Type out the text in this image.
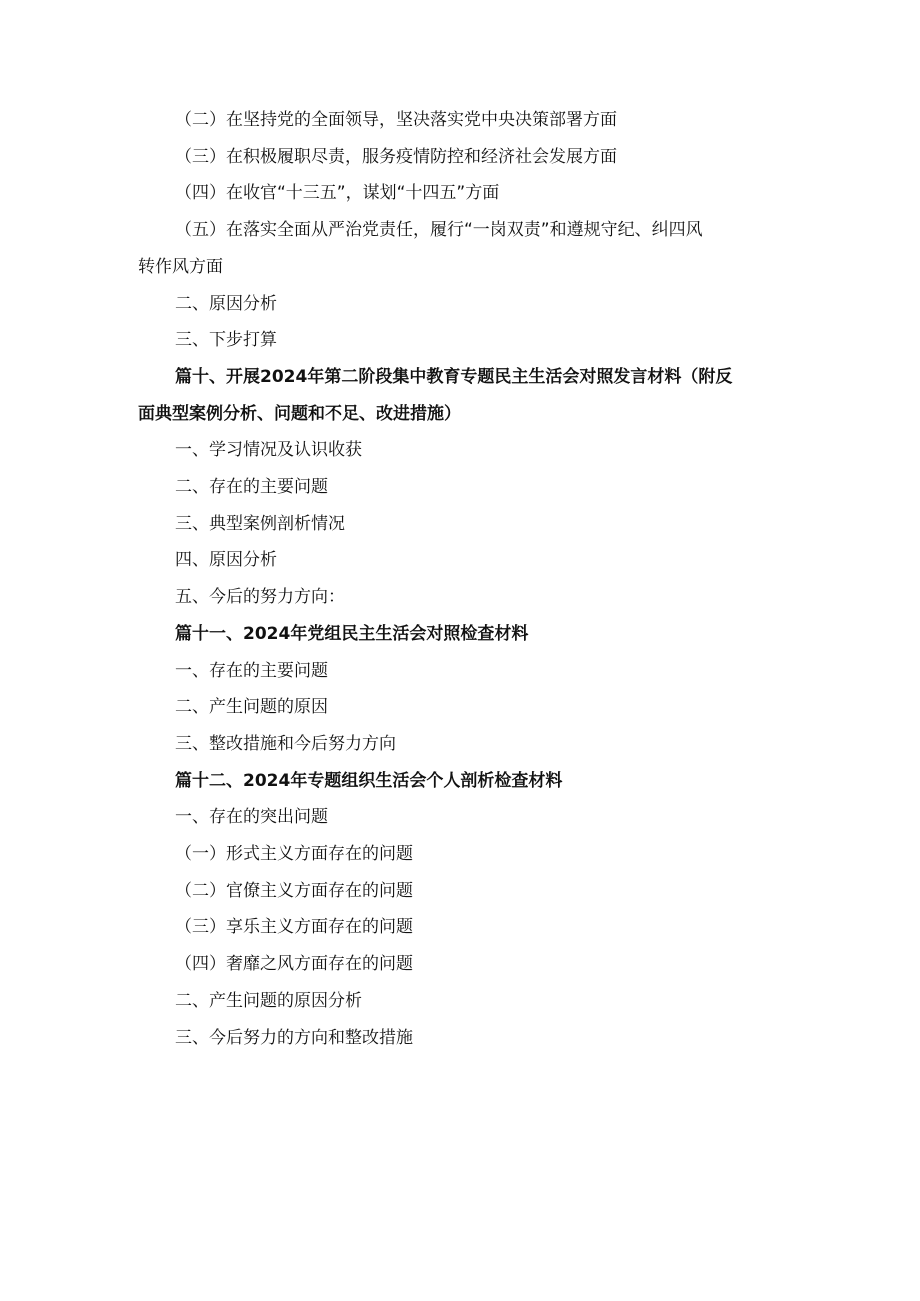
（二）在坚持党的全面领导，坚决落实党中央决策部署方面

（三）在积极履职尽责，服务疫情防控和经济社会发展方面

（四）在收官“十三五”，谋划“十四五”方面

（五）在落实全面从严治党责任，履行“一岗双责”和遵规守纪、纠四风

转作风方面

二、原因分析

三、下步打算

篇十、开展2024年第二阶段集中教育专题民主生活会对照发言材料（附反

面典型案例分析、问题和不足、改进措施）

一、学习情况及认识收获

二、存在的主要问题

三、典型案例剖析情况

四、原因分析

五、今后的努力方向：

篇十一、2024年党组民主生活会对照检查材料

一、存在的主要问题

二、产生问题的原因

三、整改措施和今后努力方向

篇十二、2024年专题组织生活会个人剖析检查材料

一、存在的突出问题

（一）形式主义方面存在的问题

（二）官僚主义方面存在的问题

（三）享乐主义方面存在的问题

（四）奢靡之风方面存在的问题

二、产生问题的原因分析

三、今后努力的方向和整改措施
